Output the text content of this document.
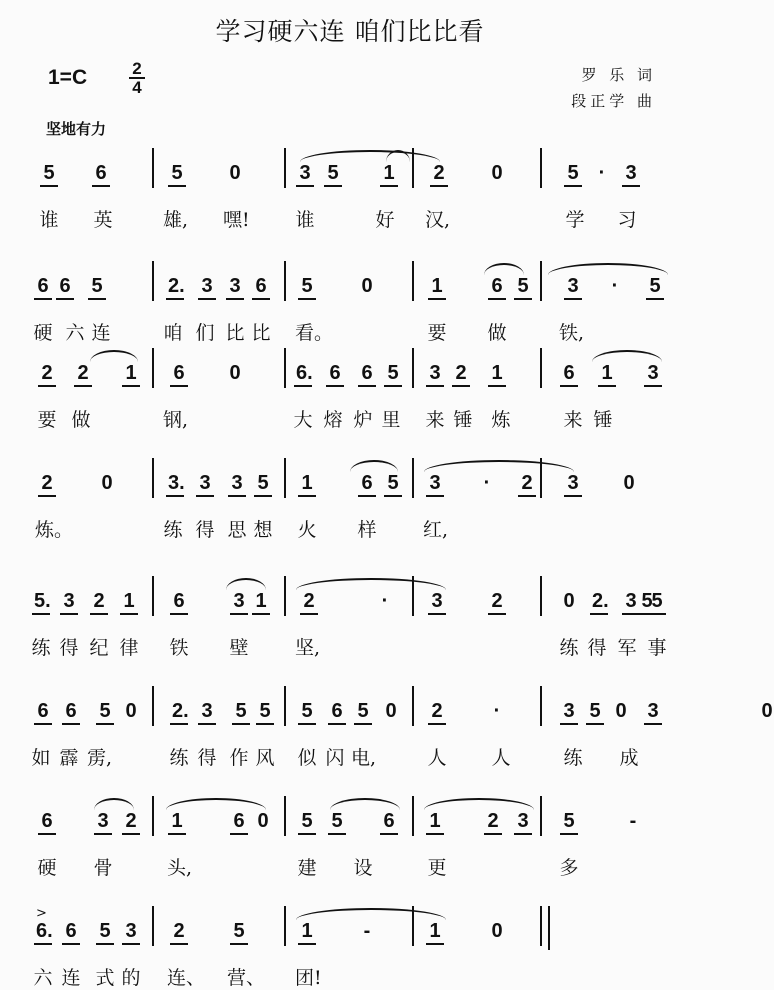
学习硬六连 咱们比比看
1=C	2
4
罗 乐 词
段正学 曲
坚地有力
5 6	5 0	3 5 1 2 0	5 · 3
谁 英	雄, 嘿! 谁	好 汉,	学 习
6 6 5	2. 3 3 6 5 0	1 6 5 3 · 5
硬 六 连	咱 们 比 比 看。	要 做	铁,
2 2 1 6 0	6. 6 6 5 3 2 1	6 1 3
要 做	钢,	大 熔 炉 里 来 锤 炼	来 锤
2 0	3. 3 3 5 1 6 5 3 · 2 3 0
炼。	练 得 思 想 火 样 红,
5. 3 2 1 6 3 1 2	· 3 2	0 2. 3 5
5
练 得 纪 律 铁 壁 坚,	练 得 军 事
6 6 5 0 2. 3 5 5 5 6 5 0 2	·	3 5 0 3	0
如 霹 雳,	练 得 作 风 似 闪 电,	人 人	练 成
6 3 2 1	6 0 5 5 6 1 2 3 5	-
硬 骨	头,	建 设	更	多
6. 6 5 3 2 5	1	-	1	0
六 连 式 的 连、 营、 团!
>
